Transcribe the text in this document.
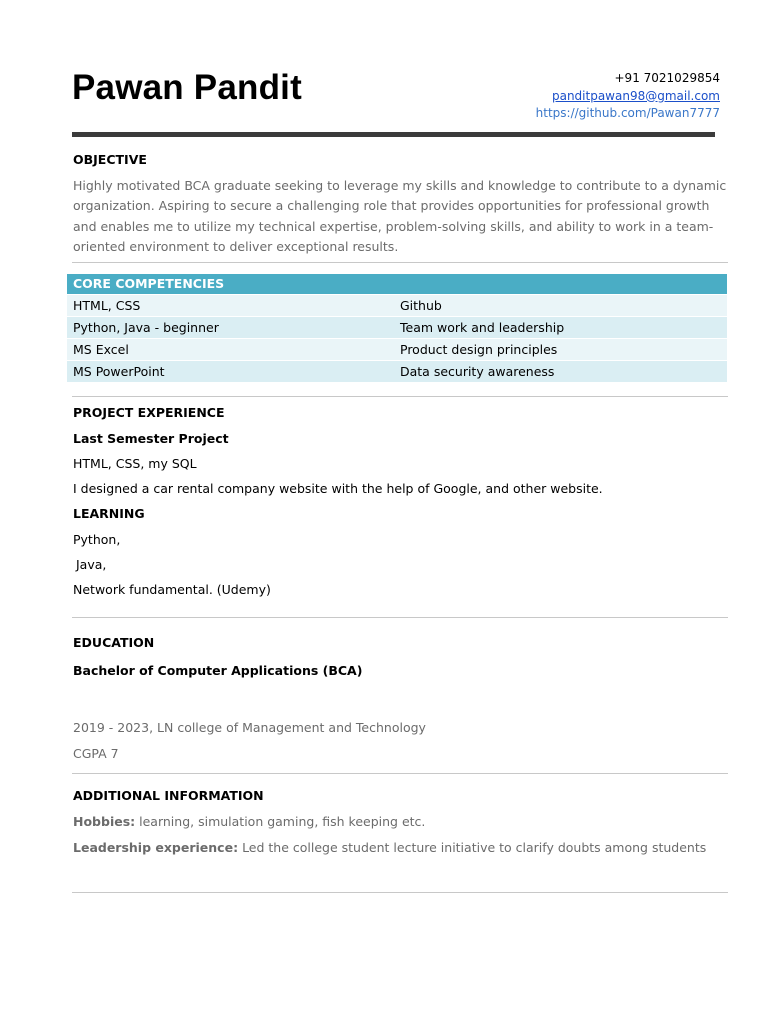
Pawan Pandit	+91 7021029854
panditpawan98@gmail.com
https://github.com/Pawan7777
OBJECTIVE
Highly motivated BCA graduate seeking to leverage my skills and knowledge to contribute to a dynamic organization. Aspiring to secure a challenging role that provides opportunities for professional growth and enables me to utilize my technical expertise, problem-solving skills, and ability to work in a team-oriented environment to deliver exceptional results.
CORE COMPETENCIES
HTML, CSS	Github
Python, Java - beginner	Team work and leadership
MS Excel	Product design principles
MS PowerPoint	Data security awareness
PROJECT EXPERIENCE
Last Semester Project
HTML, CSS, my SQL
I designed a car rental company website with the help of Google, and other website.
LEARNING
Python,
Java,
Network fundamental. (Udemy)
EDUCATION
Bachelor of Computer Applications (BCA)
2019 - 2023, LN college of Management and Technology
CGPA 7
ADDITIONAL INFORMATION
Hobbies: learning, simulation gaming, fish keeping etc.
Leadership experience: Led the college student lecture initiative to clarify doubts among students
